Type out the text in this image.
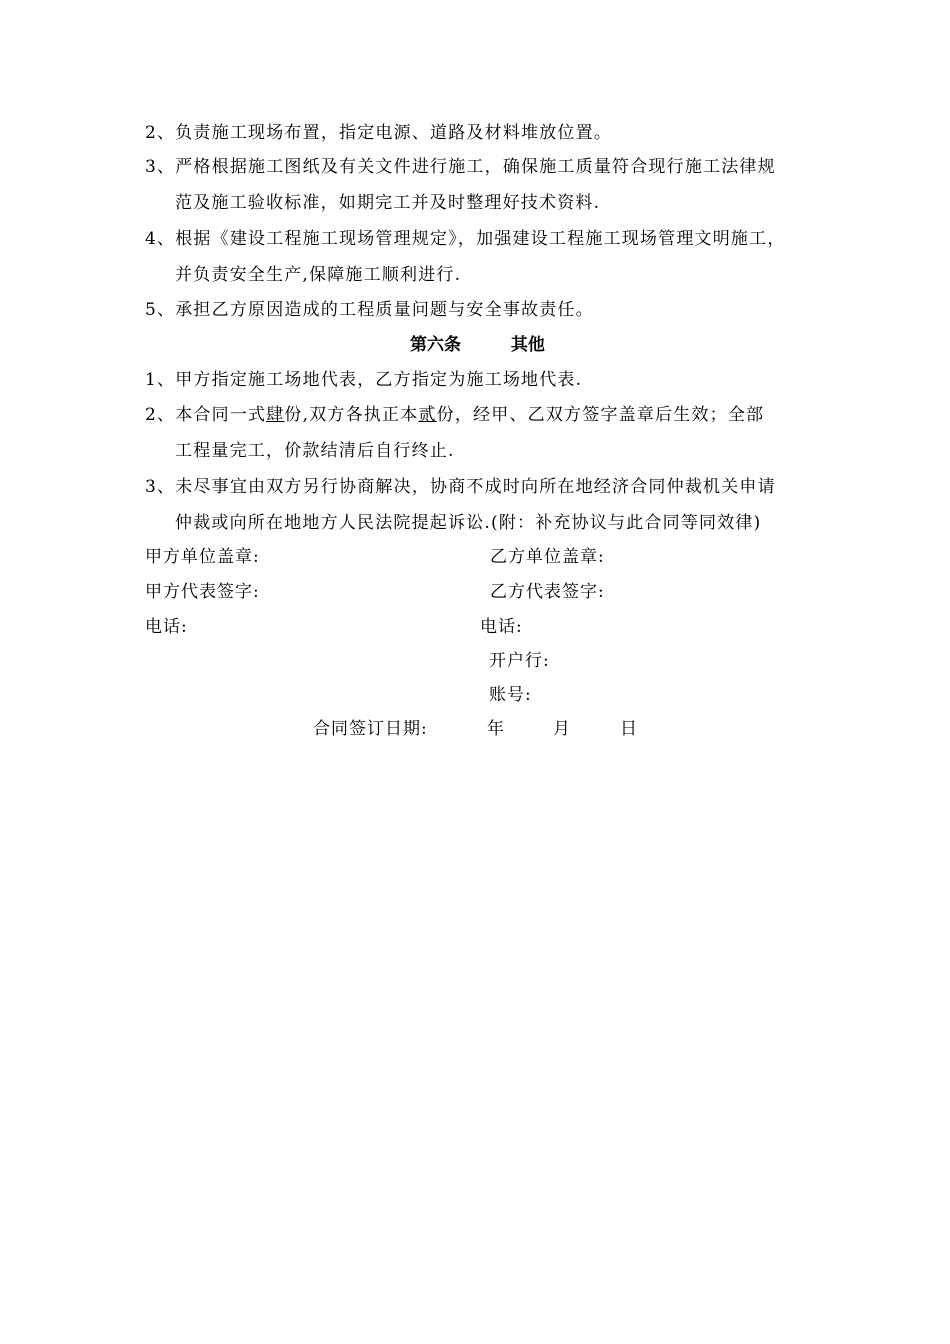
2、负责施工现场布置，指定电源、道路及材料堆放位置。
3、严格根据施工图纸及有关文件进行施工，确保施工质量符合现行施工法律规
范及施工验收标准，如期完工并及时整理好技术资料.
4、根据《建设工程施工现场管理规定》，加强建设工程施工现场管理文明施工，
并负责安全生产,保障施工顺利进行.
5、承担乙方原因造成的工程质量问题与安全事故责任。
第六条	其他
1、甲方指定施工场地代表，乙方指定为施工场地代表.
2、本合同一式肆份,双方各执正本贰份，经甲、乙双方签字盖章后生效；全部
工程量完工，价款结清后自行终止.
3、未尽事宜由双方另行协商解决，协商不成时向所在地经济合同仲裁机关申请
仲裁或向所在地地方人民法院提起诉讼.(附：补充协议与此合同等同效律)
甲方单位盖章:	乙方单位盖章:
甲方代表签字:	乙方代表签字:
电话:	电话:
开户行:
账号:
合同签订日期:	年	月	日
